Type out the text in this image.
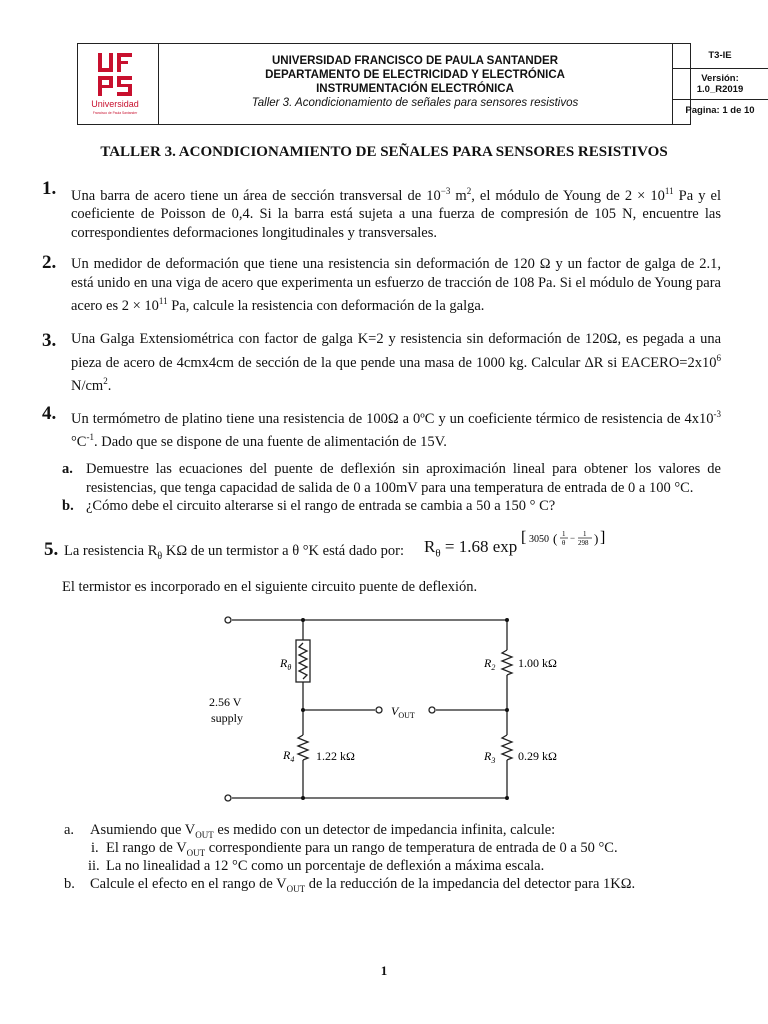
Universidad
Francisco de Paula Santander
UNIVERSIDAD FRANCISCO DE PAULA SANTANDER
DEPARTAMENTO DE ELECTRICIDAD Y ELECTRÓNICA
INSTRUMENTACIÓN ELECTRÓNICA
Taller 3. Acondicionamiento de señales para sensores resistivos
T3-IE
Versión:
1.0_R2019
Pagina: 1 de 10
TALLER 3. ACONDICIONAMIENTO DE SEÑALES PARA SENSORES RESISTIVOS
1. Una barra de acero tiene un área de sección transversal de $10^{-3}$ $m^2$, el módulo de Young de $2 \times 10^{11}$ Pa y el coeficiente de Poisson de 0,4. Si la barra está sujeta a una fuerza de compresión de 105 N, encuentre las correspondientes deformaciones longitudinales y transversales.
2. Un medidor de deformación que tiene una resistencia sin deformación de 120 Ω y un factor de galga de 2.1, está unido en una viga de acero que experimenta un esfuerzo de tracción de 108 Pa. Si el módulo de Young para acero es $2 \times 10^{11}$ Pa, calcule la resistencia con deformación de la galga.
3. Una Galga Extensiométrica con factor de galga K=2 y resistencia sin deformación de 120Ω, es pegada a una pieza de acero de 4cmx4cm de sección de la que pende una masa de 1000 kg. Calcular ΔR si $EACERO=2x10^6$ $N/cm^2$.
4. Un termómetro de platino tiene una resistencia de 100Ω a 0ºC y un coeficiente térmico de resistencia de $4x10^{-3}$ $^\circ C^{-1}$. Dado que se dispone de una fuente de alimentación de 15V.
a. Demuestre las ecuaciones del puente de deflexión sin aproximación lineal para obtener los valores de resistencias, que tenga capacidad de salida de 0 a 100mV para una temperatura de entrada de 0 a 100 °C.
b. ¿Cómo debe el circuito alterarse si el rango de entrada se cambia a 50 a 150 ° C?
5. La resistencia $R_\theta$ KΩ de un termistor a θ °K está dado por: $R_\theta = 1.68$ exp [ 3050 ( 1
θ − 1
298 ) ]
El termistor es incorporado en el siguiente circuito puente de deflexión.
$R_\theta$
$R_4$ 1.22 kΩ
$R_2$ 1.00 kΩ
$R_3$ 0.29 kΩ
2.56 V
supply	$V_{OUT}$
a. Asumiendo que $V_{OUT}$ es medido con un detector de impedancia infinita, calcule:
i. El rango de $V_{OUT}$ correspondiente para un rango de temperatura de entrada de 0 a 50 °C.
ii. La no linealidad a 12 °C como un porcentaje de deflexión a máxima escala.
b. Calcule el efecto en el rango de $V_{OUT}$ de la reducción de la impedancia del detector para 1KΩ.
1
